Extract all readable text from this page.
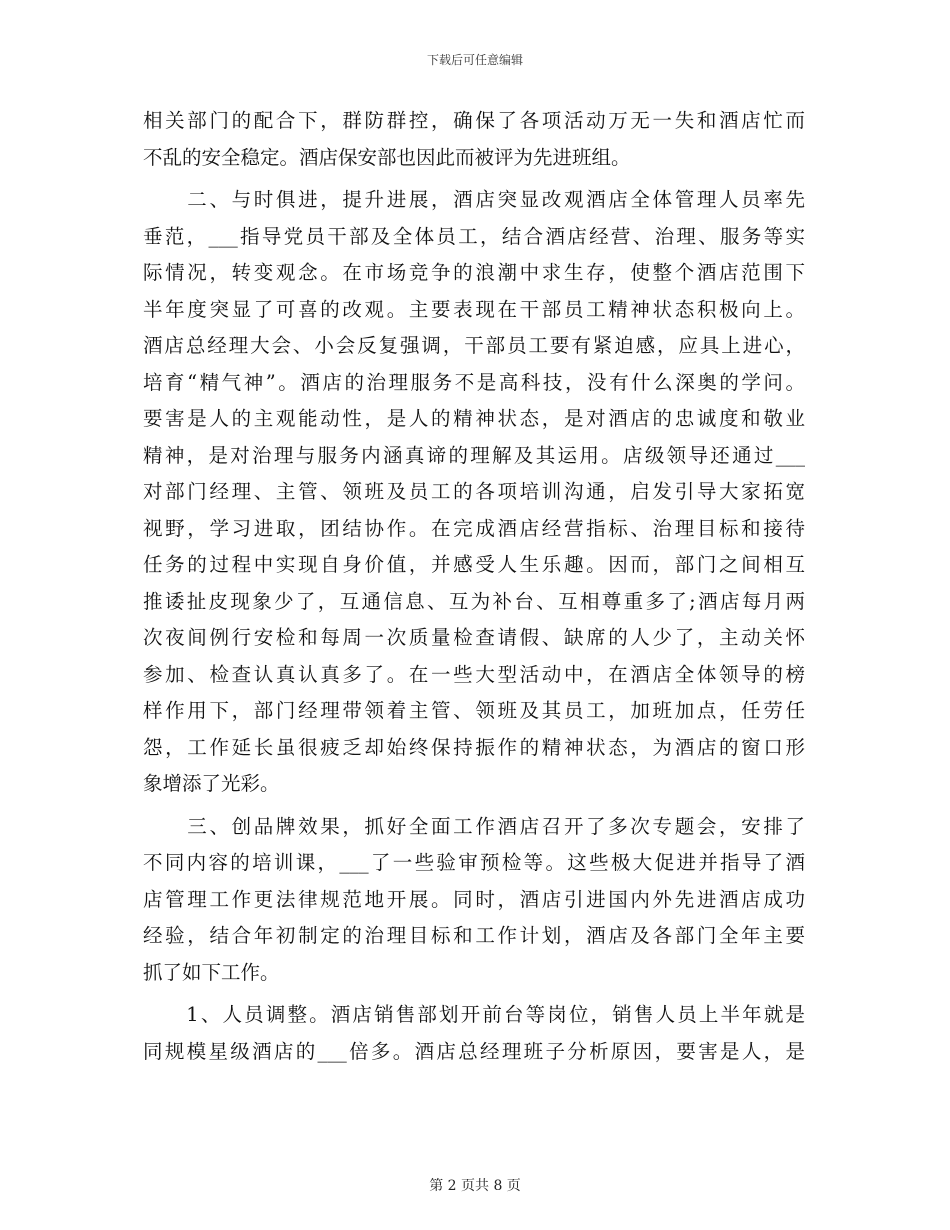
下载后可任意编辑
相关部门的配合下，群防群控，确保了各项活动万无一失和酒店忙而
不乱的安全稳定。酒店保安部也因此而被评为先进班组。
　　二、与时俱进，提升进展，酒店突显改观酒店全体管理人员率先
垂范，___指导党员干部及全体员工，结合酒店经营、治理、服务等实
际情况，转变观念。在市场竞争的浪潮中求生存，使整个酒店范围下
半年度突显了可喜的改观。主要表现在干部员工精神状态积极向上。
酒店总经理大会、小会反复强调，干部员工要有紧迫感，应具上进心，
培育“精气神”。酒店的治理服务不是高科技，没有什么深奥的学问。
要害是人的主观能动性，是人的精神状态，是对酒店的忠诚度和敬业
精神，是对治理与服务内涵真谛的理解及其运用。店级领导还通过___
对部门经理、主管、领班及员工的各项培训沟通，启发引导大家拓宽
视野，学习进取，团结协作。在完成酒店经营指标、治理目标和接待
任务的过程中实现自身价值，并感受人生乐趣。因而，部门之间相互
推诿扯皮现象少了，互通信息、互为补台、互相尊重多了;酒店每月两
次夜间例行安检和每周一次质量检查请假、缺席的人少了，主动关怀
参加、检查认真认真多了。在一些大型活动中，在酒店全体领导的榜
样作用下，部门经理带领着主管、领班及其员工，加班加点，任劳任
怨，工作延长虽很疲乏却始终保持振作的精神状态，为酒店的窗口形
象增添了光彩。
　　三、创品牌效果，抓好全面工作酒店召开了多次专题会，安排了
不同内容的培训课，___了一些验审预检等。这些极大促进并指导了酒
店管理工作更法律规范地开展。同时，酒店引进国内外先进酒店成功
经验，结合年初制定的治理目标和工作计划，酒店及各部门全年主要
抓了如下工作。
　　1、人员调整。酒店销售部划开前台等岗位，销售人员上半年就是
同规模星级酒店的___倍多。酒店总经理班子分析原因，要害是人，是
第 2 页共 8 页
